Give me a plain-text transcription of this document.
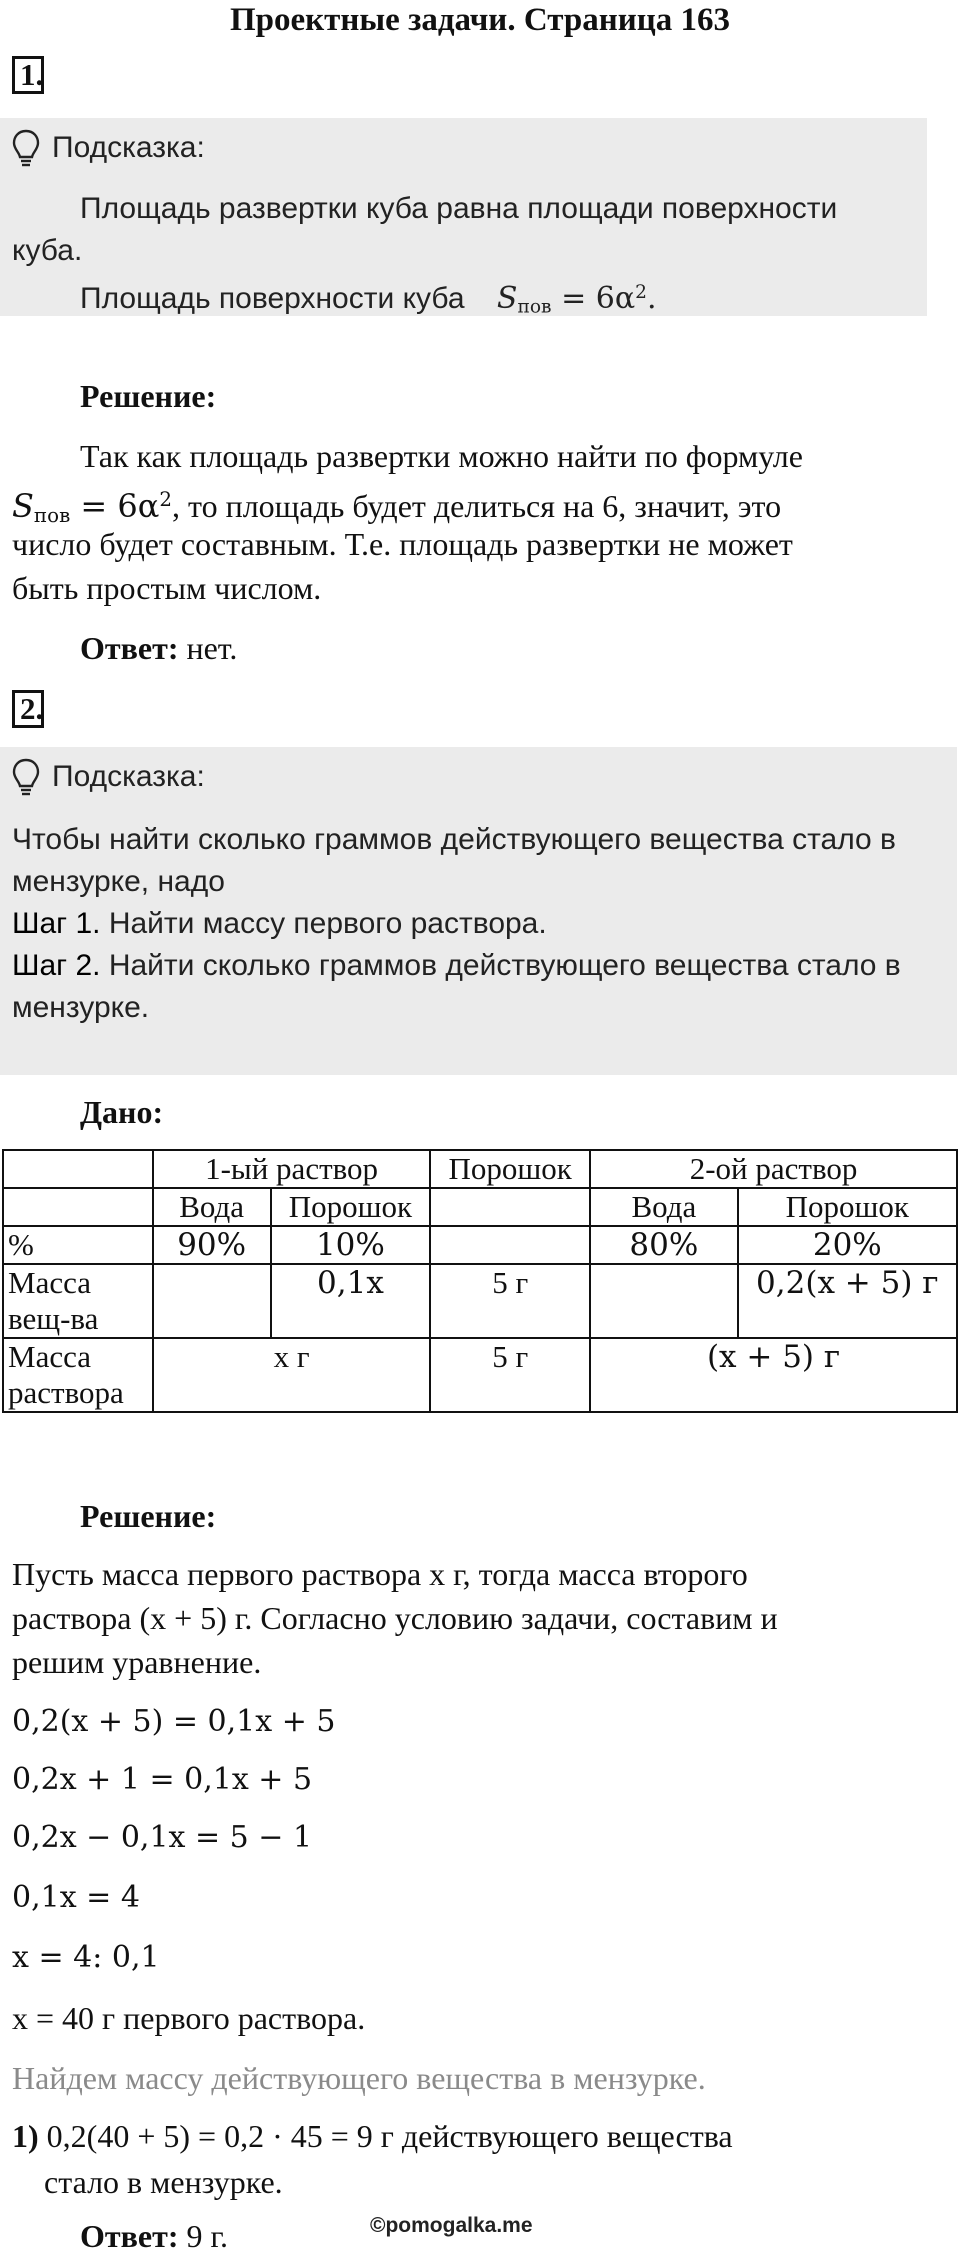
Проектные задачи. Страница 163
1.
Подсказка:
Площадь развертки куба равна площади поверхности
куба.
Площадь поверхности куба $S_{пов} = 6\alpha^2$.
Решение:
Так как площадь развертки можно найти по формуле
$S_{пов} = 6\alpha^2$, то площадь будет делиться на 6, значит, это
число будет составным. Т.е. площадь развертки не может
быть простым числом.
Ответ: нет.
2.
Подсказка:
Чтобы найти сколько граммов действующего вещества стало в
мензурке, надо
Шаг 1. Найти массу первого раствора.
Шаг 2. Найти сколько граммов действующего вещества стало в
мензурке.
Дано:
	1-ый раствор		Порошок	2-ой раствор	
	Вода	Порошок		Вода	Порошок
%	90%	10%		80%	20%

Масса
вещ-ва		0,1x	5 г		0,2(x + 5) г

Масса
раствора	x г		5 г	(x + 5) г	
Решение:
Пусть масса первого раствора x г, тогда масса второго
раствора (x + 5) г. Согласно условию задачи, составим и
решим уравнение.
0,2(x + 5) = 0,1x + 5
0,2x + 1 = 0,1x + 5
0,2x − 0,1x = 5 − 1
0,1x = 4
x = 4: 0,1
x = 40 г первого раствора.
Найдем массу действующего вещества в мензурке.
1) 0,2(40 + 5) = 0,2 · 45 = 9 г действующего вещества
стало в мензурке.
Ответ: 9 г.	©pomogalka.me
